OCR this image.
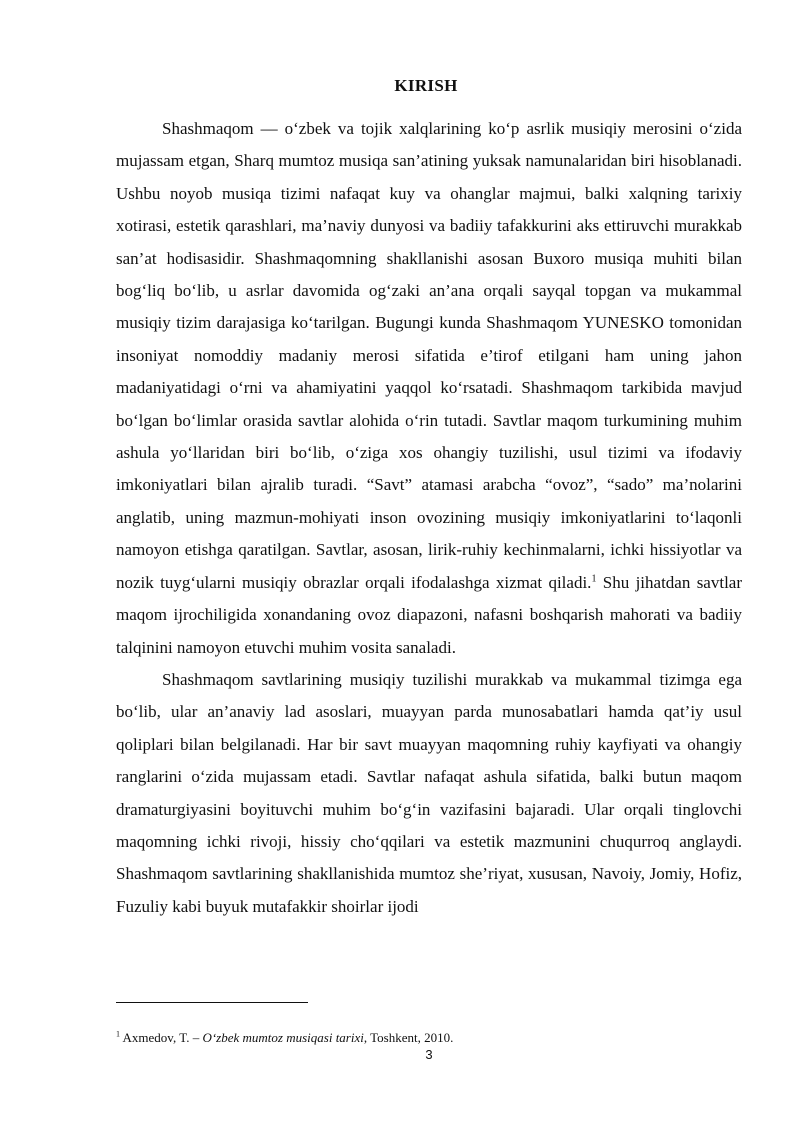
KIRISH

Shashmaqom — o‘zbek va tojik xalqlarining ko‘p asrlik musiqiy merosini o‘zida mujassam etgan, Sharq mumtoz musiqa san’atining yuksak namunalaridan biri hisoblanadi. Ushbu noyob musiqa tizimi nafaqat kuy va ohanglar majmui, balki xalqning tarixiy xotirasi, estetik qarashlari, ma’naviy dunyosi va badiiy tafakkurini aks ettiruvchi murakkab san’at hodisasidir. Shashmaqomning shakllanishi asosan Buxoro musiqa muhiti bilan bog‘liq bo‘lib, u asrlar davomida og‘zaki an’ana orqali sayqal topgan va mukammal musiqiy tizim darajasiga ko‘tarilgan. Bugungi kunda Shashmaqom YUNESKO tomonidan insoniyat nomoddiy madaniy merosi sifatida e’tirof etilgani ham uning jahon madaniyatidagi o‘rni va ahamiyatini yaqqol ko‘rsatadi. Shashmaqom tarkibida mavjud bo‘lgan bo‘limlar orasida savtlar alohida o‘rin tutadi. Savtlar maqom turkumining muhim ashula yo‘llaridan biri bo‘lib, o‘ziga xos ohangiy tuzilishi, usul tizimi va ifodaviy imkoniyatlari bilan ajralib turadi. “Savt” atamasi arabcha “ovoz”, “sado” ma’nolarini anglatib, uning mazmun-mohiyati inson ovozining musiqiy imkoniyatlarini to‘laqonli namoyon etishga qaratilgan. Savtlar, asosan, lirik-ruhiy kechinmalarni, ichki hissiyotlar va nozik tuyg‘ularni musiqiy obrazlar orqali ifodalashga xizmat qiladi.$^1$ Shu jihatdan savtlar maqom ijrochiligida xonandaning ovoz diapazoni, nafasni boshqarish mahorati va badiiy talqinini namoyon etuvchi muhim vosita sanaladi.

Shashmaqom savtlarining musiqiy tuzilishi murakkab va mukammal tizimga ega bo‘lib, ular an’anaviy lad asoslari, muayyan parda munosabatlari hamda qat’iy usul qoliplari bilan belgilanadi. Har bir savt muayyan maqomning ruhiy kayfiyati va ohangiy ranglarini o‘zida mujassam etadi. Savtlar nafaqat ashula sifatida, balki butun maqom dramaturgiyasini boyituvchi muhim bo‘g‘in vazifasini bajaradi. Ular orqali tinglovchi maqomning ichki rivoji, hissiy cho‘qqilari va estetik mazmunini chuqurroq anglaydi. Shashmaqom savtlarining shakllanishida mumtoz she’riyat, xususan, Navoiy, Jomiy, Hofiz, Fuzuliy kabi buyuk mutafakkir shoirlar ijodi

$^1$ Axmedov, T. – O‘zbek mumtoz musiqasi tarixi, Toshkent, 2010.
3
